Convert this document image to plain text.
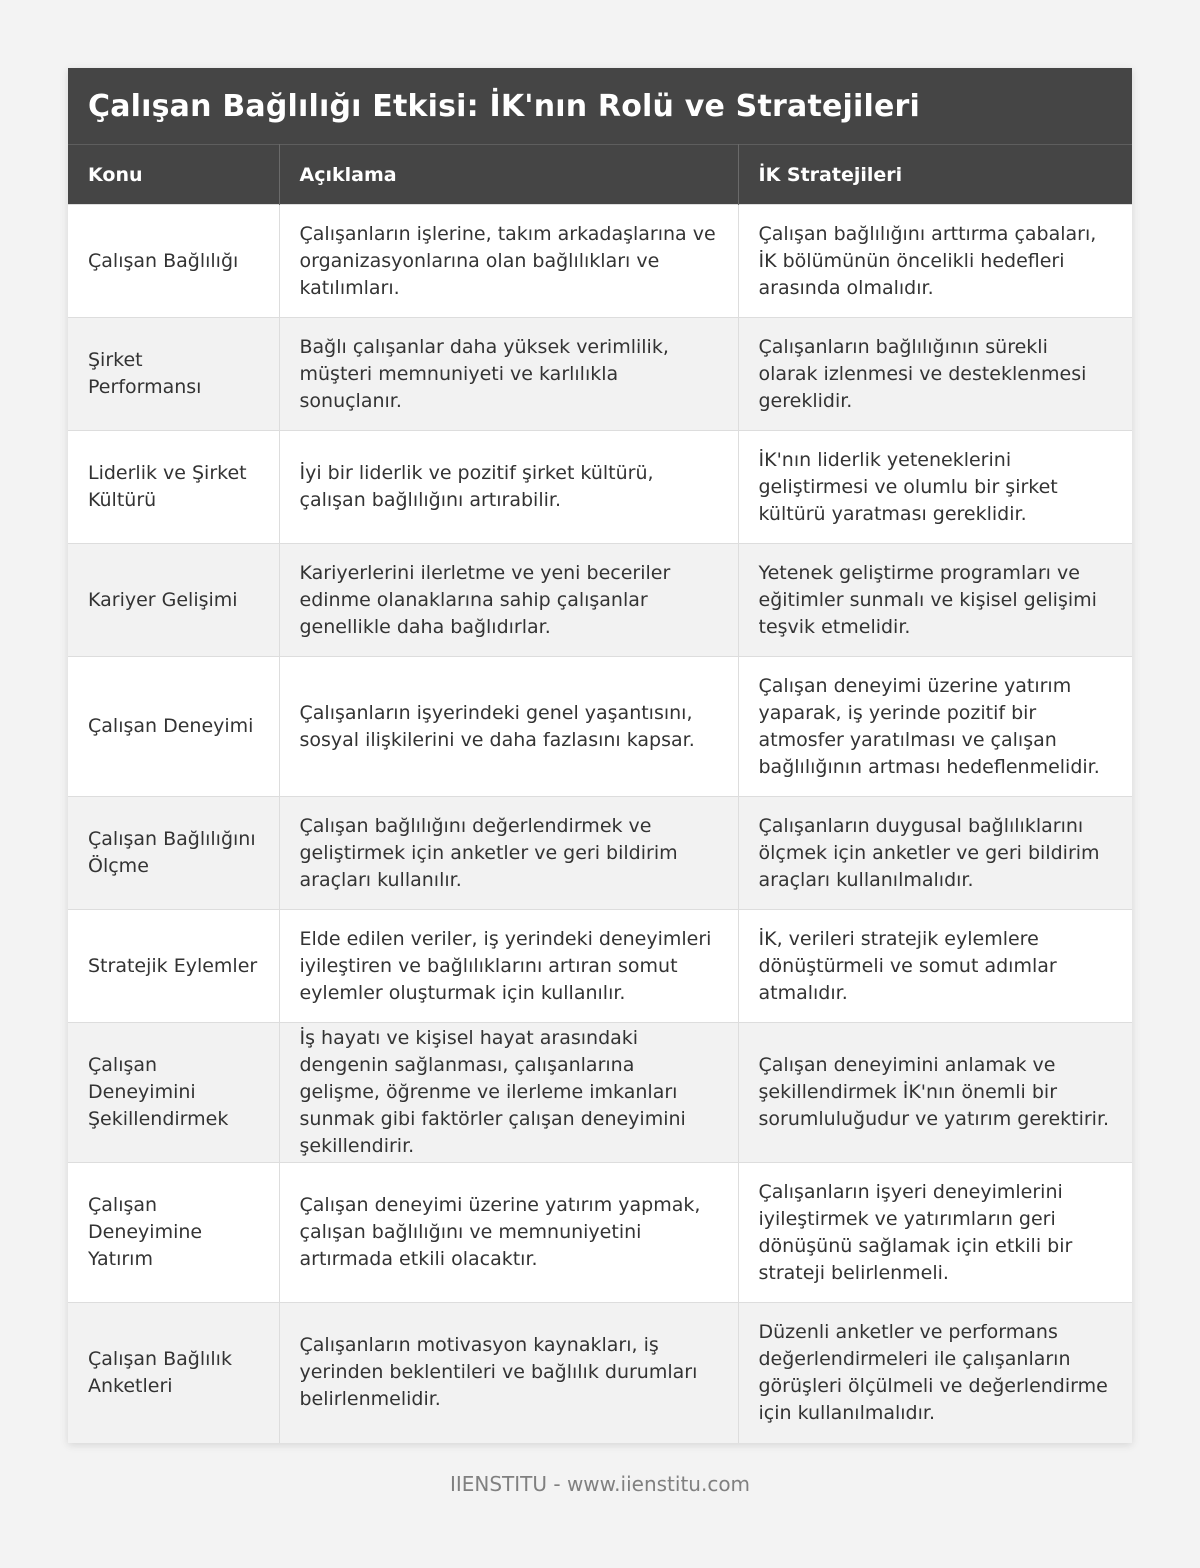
Çalışan Bağlılığı Etkisi: İK'nın Rolü ve Stratejileri
Konu	Açıklama	İK Stratejileri
Çalışan Bağlılığı	Çalışanların işlerine, takım arkadaşlarına ve organizasyonlarına olan bağlılıkları ve katılımları.	Çalışan bağlılığını arttırma çabaları, İK bölümünün öncelikli hedefleri arasında olmalıdır.
Şirket Performansı	Bağlı çalışanlar daha yüksek verimlilik, müşteri memnuniyeti ve karlılıkla sonuçlanır.	Çalışanların bağlılığının sürekli olarak izlenmesi ve desteklenmesi gereklidir.
Liderlik ve Şirket Kültürü	İyi bir liderlik ve pozitif şirket kültürü, çalışan bağlılığını artırabilir.	İK'nın liderlik yeteneklerini geliştirmesi ve olumlu bir şirket kültürü yaratması gereklidir.
Kariyer Gelişimi	Kariyerlerini ilerletme ve yeni beceriler edinme olanaklarına sahip çalışanlar genellikle daha bağlıdırlar.	Yetenek geliştirme programları ve eğitimler sunmalı ve kişisel gelişimi teşvik etmelidir.
Çalışan Deneyimi	Çalışanların işyerindeki genel yaşantısını, sosyal ilişkilerini ve daha fazlasını kapsar.	Çalışan deneyimi üzerine yatırım yaparak, iş yerinde pozitif bir atmosfer yaratılması ve çalışan bağlılığının artması hedeflenmelidir.
Çalışan Bağlılığını Ölçme	Çalışan bağlılığını değerlendirmek ve geliştirmek için anketler ve geri bildirim araçları kullanılır.	Çalışanların duygusal bağlılıklarını ölçmek için anketler ve geri bildirim araçları kullanılmalıdır.
Stratejik Eylemler	Elde edilen veriler, iş yerindeki deneyimleri iyileştiren ve bağlılıklarını artıran somut eylemler oluşturmak için kullanılır.	İK, verileri stratejik eylemlere dönüştürmeli ve somut adımlar atmalıdır.
Çalışan Deneyimini Şekillendirmek	İş hayatı ve kişisel hayat arasındaki dengenin sağlanması, çalışanlarına gelişme, öğrenme ve ilerleme imkanları sunmak gibi faktörler çalışan deneyimini şekillendirir.	Çalışan deneyimini anlamak ve şekillendirmek İK'nın önemli bir sorumluluğudur ve yatırım gerektirir.
Çalışan Deneyimine Yatırım	Çalışan deneyimi üzerine yatırım yapmak, çalışan bağlılığını ve memnuniyetini artırmada etkili olacaktır.	Çalışanların işyeri deneyimlerini iyileştirmek ve yatırımların geri dönüşünü sağlamak için etkili bir strateji belirlenmeli.
Çalışan Bağlılık Anketleri	Çalışanların motivasyon kaynakları, iş yerinden beklentileri ve bağlılık durumları belirlenmelidir.	Düzenli anketler ve performans değerlendirmeleri ile çalışanların görüşleri ölçülmeli ve değerlendirme için kullanılmalıdır.
IIENSTITU - www.iienstitu.com
